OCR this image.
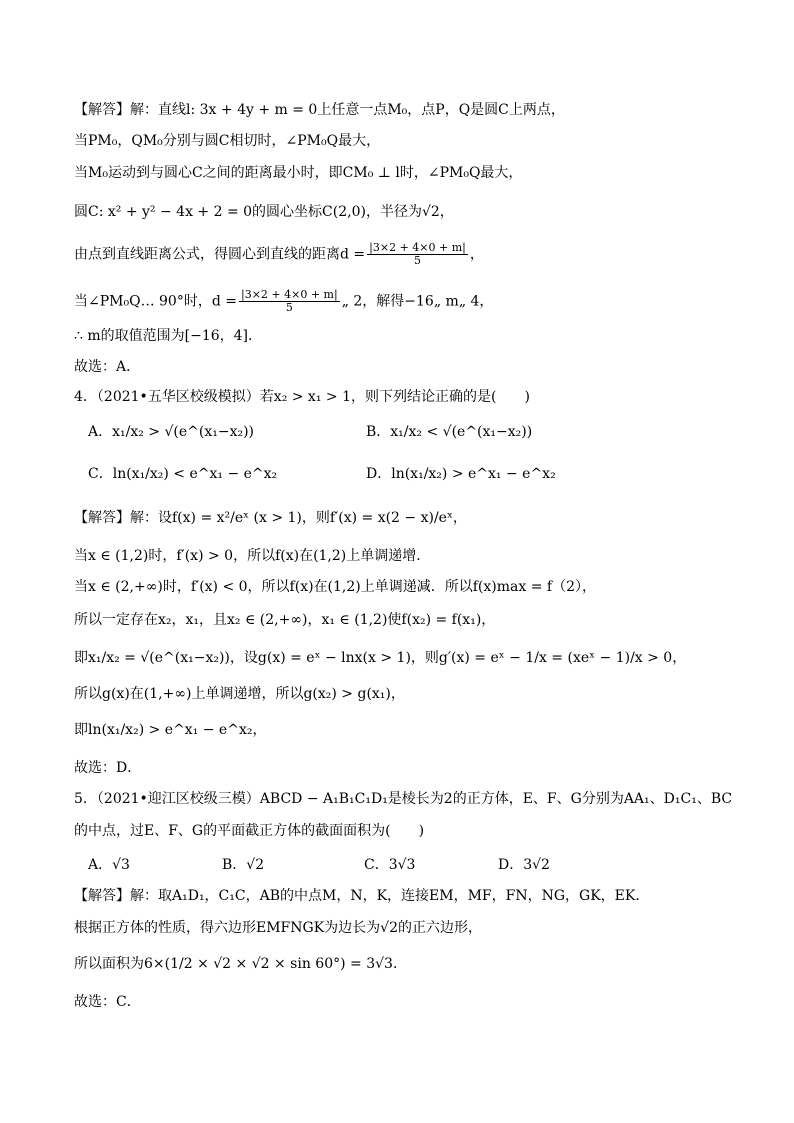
【解答】解：直线l: 3x + 4y + m = 0上任意一点M₀，点P，Q是圆C上两点，
当PM₀，QM₀分别与圆C相切时，∠PM₀Q最大，
当M₀运动到与圆心C之间的距离最小时，即CM₀ ⊥ l时，∠PM₀Q最大，
圆C: x² + y² − 4x + 2 = 0的圆心坐标C(2,0)，半径为√2，
由点到直线距离公式，得圆心到直线的距离$d = \frac{|3\times 2 + 4\times 0 + m|}{5}$ ，
当∠PM₀Q… 90°时，$d = \frac{|3\times 2 + 4\times 0 + m|}{5}$ „ 2，解得−16„ m„ 4，
∴ m的取值范围为[−16，4]．
故选：A．
4．（2021•五华区校级模拟）若x₂ > x₁ > 1，则下列结论正确的是(　　)
A．x₁/x₂ > √(e^(x₁−x₂))	B．x₁/x₂ < √(e^(x₁−x₂))
C．ln(x₁/x₂) < e^x₁ − e^x₂	D．ln(x₁/x₂) > e^x₁ − e^x₂
【解答】解：设f(x) = x²/eˣ (x > 1)，则f′(x) = x(2 − x)/eˣ，
当x ∈ (1,2)时，f′(x) > 0，所以f(x)在(1,2)上单调递增．
当x ∈ (2,+∞)时，f′(x) < 0，所以f(x)在(1,2)上单调递减．所以f(x)max = f（2），
所以一定存在x₂，x₁，且x₂ ∈ (2,+∞)，x₁ ∈ (1,2)使f(x₂) = f(x₁)，
即x₁/x₂ = √(e^(x₁−x₂))，设g(x) = eˣ − lnx(x > 1)，则g′(x) = eˣ − 1/x = (xeˣ − 1)/x > 0，
所以g(x)在(1,+∞)上单调递增，所以g(x₂) > g(x₁)，
即ln(x₁/x₂) > e^x₁ − e^x₂，
故选：D．
5．（2021•迎江区校级三模）ABCD − A₁B₁C₁D₁是棱长为2的正方体，E、F、G分别为AA₁、D₁C₁、BC
的中点，过E、F、G的平面截正方体的截面面积为(　　)
A．√3	B．√2	C．3√3	D．3√2
【解答】解：取A₁D₁，C₁C，AB的中点M，N，K，连接EM，MF，FN，NG，GK，EK．
根据正方体的性质，得六边形EMFNGK为边长为√2的正六边形，
所以面积为6×(1/2 × √2 × √2 × sin 60°) = 3√3．
故选：C．
